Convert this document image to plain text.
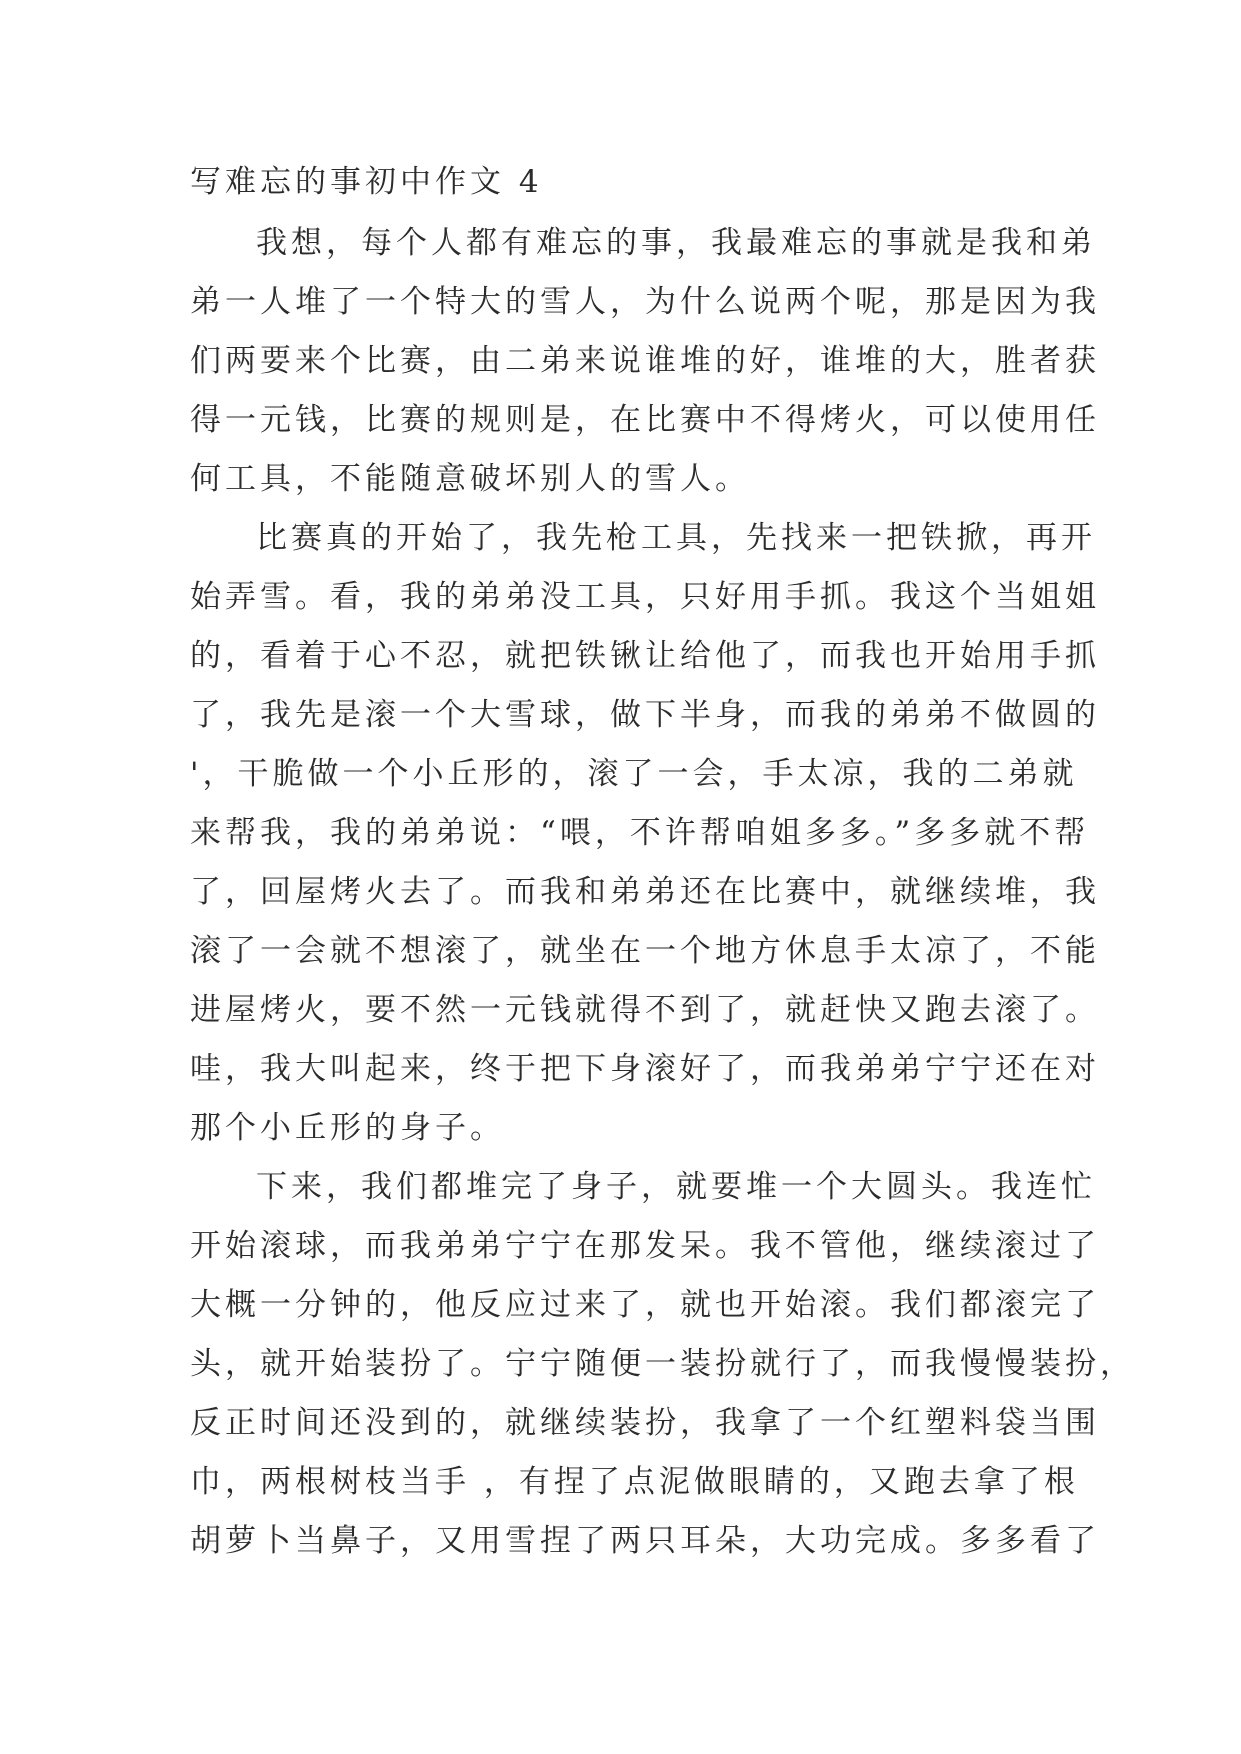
写难忘的事初中作文 4
我想，每个人都有难忘的事，我最难忘的事就是我和弟
弟一人堆了一个特大的雪人，为什么说两个呢，那是因为我
们两要来个比赛，由二弟来说谁堆的好，谁堆的大，胜者获
得一元钱，比赛的规则是，在比赛中不得烤火，可以使用任
何工具，不能随意破坏别人的雪人。
比赛真的开始了，我先枪工具，先找来一把铁掀，再开
始弄雪。看，我的弟弟没工具，只好用手抓。我这个当姐姐
的，看着于心不忍，就把铁锹让给他了，而我也开始用手抓
了，我先是滚一个大雪球，做下半身，而我的弟弟不做圆的
'，干脆做一个小丘形的，滚了一会，手太凉，我的二弟就
来帮我，我的弟弟说：“喂，不许帮咱姐多多。”多多就不帮
了，回屋烤火去了。而我和弟弟还在比赛中，就继续堆，我
滚了一会就不想滚了，就坐在一个地方休息手太凉了，不能
进屋烤火，要不然一元钱就得不到了，就赶快又跑去滚了。
哇，我大叫起来，终于把下身滚好了，而我弟弟宁宁还在对
那个小丘形的身子。
下来，我们都堆完了身子，就要堆一个大圆头。我连忙
开始滚球，而我弟弟宁宁在那发呆。我不管他，继续滚过了
大概一分钟的，他反应过来了，就也开始滚。我们都滚完了
头，就开始装扮了。宁宁随便一装扮就行了，而我慢慢装扮，
反正时间还没到的，就继续装扮，我拿了一个红塑料袋当围
巾，两根树枝当手 ，有捏了点泥做眼睛的，又跑去拿了根
胡萝卜当鼻子，又用雪捏了两只耳朵，大功完成。多多看了
